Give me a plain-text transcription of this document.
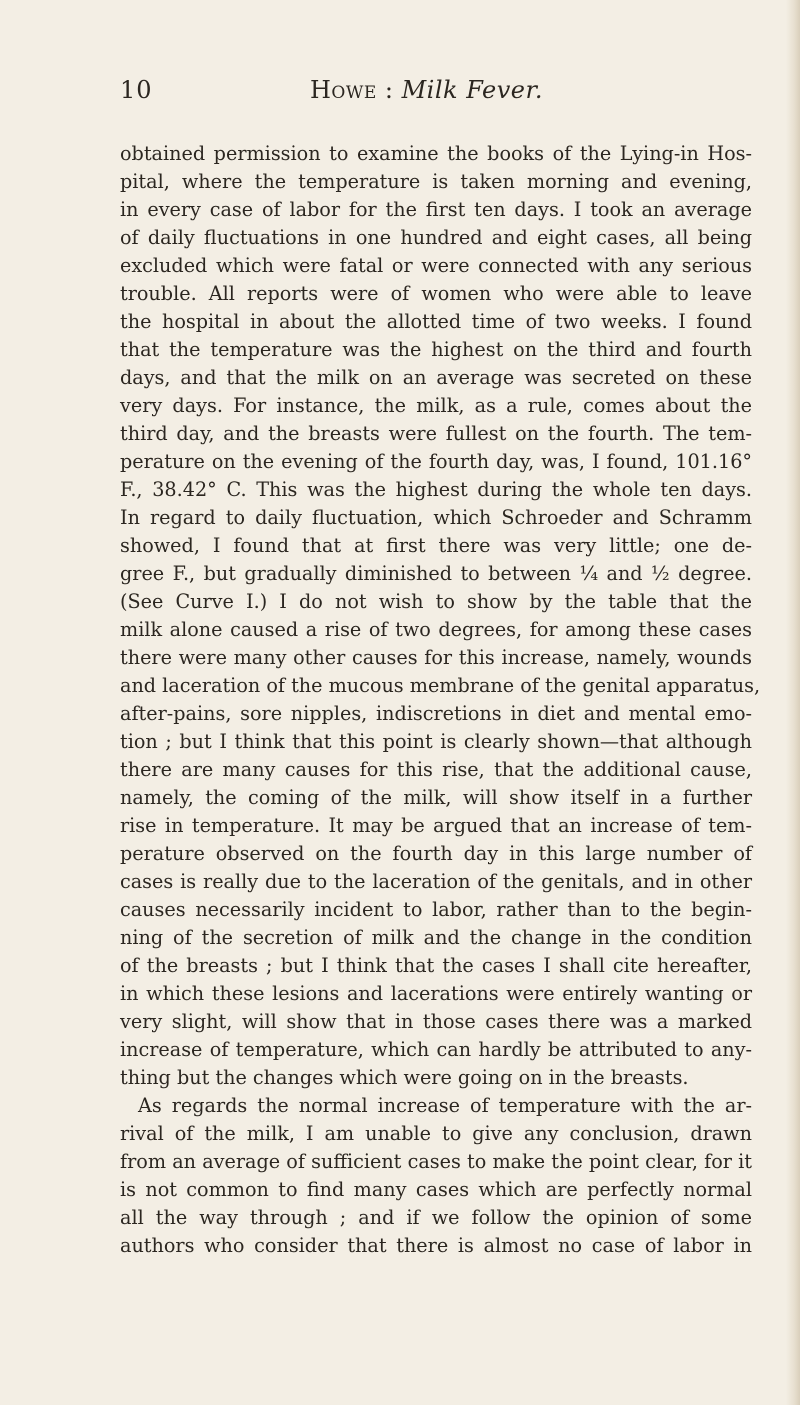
10	Howe : Milk Fever.
obtained permission to examine the books of the Lying-in Hos-
pital, where the temperature is taken morning and evening,
in every case of labor for the first ten days. I took an average
of daily fluctuations in one hundred and eight cases, all being
excluded which were fatal or were connected with any serious
trouble. All reports were of women who were able to leave
the hospital in about the allotted time of two weeks. I found
that the temperature was the highest on the third and fourth
days, and that the milk on an average was secreted on these
very days. For instance, the milk, as a rule, comes about the
third day, and the breasts were fullest on the fourth. The tem-
perature on the evening of the fourth day, was, I found, 101.16°
F., 38.42° C. This was the highest during the whole ten days.
In regard to daily fluctuation, which Schroeder and Schramm
showed, I found that at first there was very little; one de-
gree F., but gradually diminished to between ¼ and ½ degree.
(See Curve I.) I do not wish to show by the table that the
milk alone caused a rise of two degrees, for among these cases
there were many other causes for this increase, namely, wounds
and laceration of the mucous membrane of the genital apparatus,
after-pains, sore nipples, indiscretions in diet and mental emo-
tion ; but I think that this point is clearly shown—that although
there are many causes for this rise, that the additional cause,
namely, the coming of the milk, will show itself in a further
rise in temperature. It may be argued that an increase of tem-
perature observed on the fourth day in this large number of
cases is really due to the laceration of the genitals, and in other
causes necessarily incident to labor, rather than to the begin-
ning of the secretion of milk and the change in the condition
of the breasts ; but I think that the cases I shall cite hereafter,
in which these lesions and lacerations were entirely wanting or
very slight, will show that in those cases there was a marked
increase of temperature, which can hardly be attributed to any-
thing but the changes which were going on in the breasts.
As regards the normal increase of temperature with the ar-
rival of the milk, I am unable to give any conclusion, drawn
from an average of sufficient cases to make the point clear, for it
is not common to find many cases which are perfectly normal
all the way through ; and if we follow the opinion of some
authors who consider that there is almost no case of labor in
